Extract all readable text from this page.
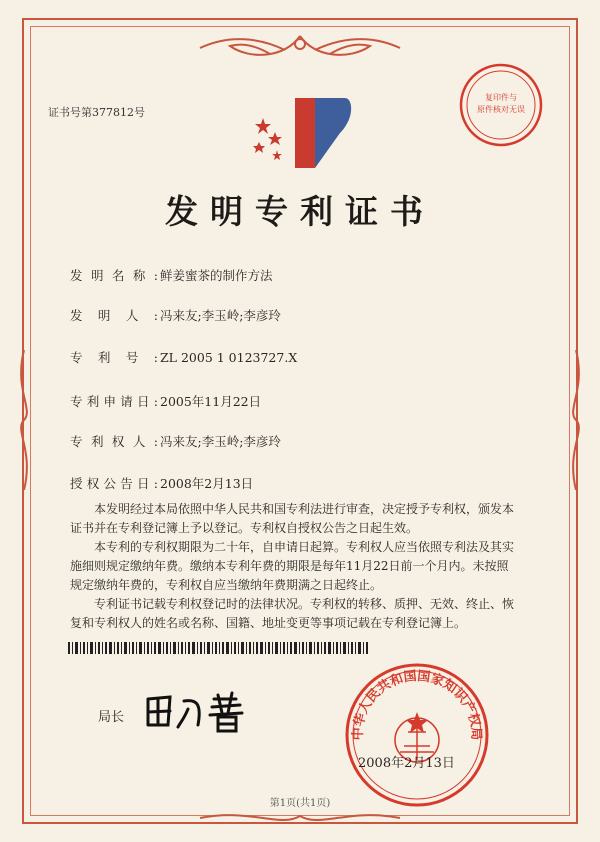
证书号第377812号
复印件与
原件核对无误
发明专利证书
发明名称: 鲜姜蜜茶的制作方法
发明人: 冯来友;李玉岭;李彦玲
专利号: ZL 2005 1 0123727.X
专利申请日: 2005年11月22日
专利权人: 冯来友;李玉岭;李彦玲
授权公告日: 2008年2月13日

本发明经过本局依照中华人民共和国专利法进行审查，决定授予专利权，颁发本证书并在专利登记簿上予以登记。专利权自授权公告之日起生效。

本专利的专利权期限为二十年，自申请日起算。专利权人应当依照专利法及其实施细则规定缴纳年费。缴纳本专利年费的期限是每年11月22日前一个月内。未按照规定缴纳年费的，专利权自应当缴纳年费期满之日起终止。

专利证书记载专利权登记时的法律状况。专利权的转移、质押、无效、终止、恢复和专利权人的姓名或名称、国籍、地址变更等事项记载在专利登记簿上。

局长
中华人民共和国国家知识产权局
2008年2月13日
第1页(共1页)
